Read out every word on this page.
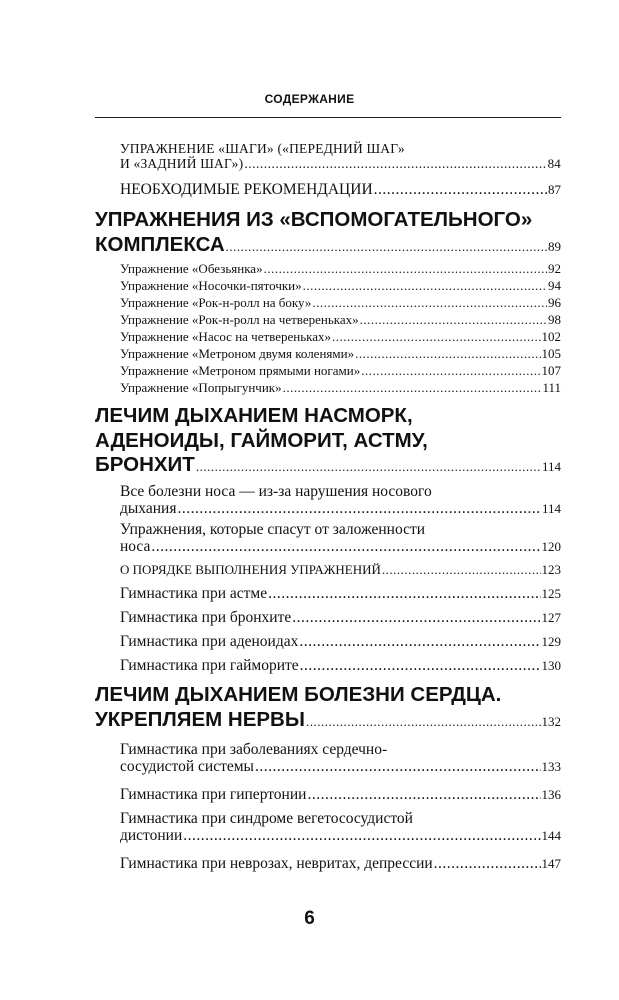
СОДЕРЖАНИЕ
УПРАЖНЕНИЕ «ШАГИ» («ПЕРЕДНИЙ ШАГ»
И «ЗАДНИЙ ШАГ») .....	84
НЕОБХОДИМЫЕ РЕКОМЕНДАЦИИ .....	87
УПРАЖНЕНИЯ ИЗ «ВСПОМОГАТЕЛЬНОГО»
КОМПЛЕКСА .....	89
Упражнение «Обезьянка» .....	92
Упражнение «Носочки-пяточки» .....	94
Упражнение «Рок-н-ролл на боку» .....	96
Упражнение «Рок-н-ролл на четвереньках» .....	98
Упражнение «Насос на четвереньках» .....	102
Упражнение «Метроном двумя коленями» .....	105
Упражнение «Метроном прямыми ногами» .....	107
Упражнение «Попрыгунчик» .....	111
ЛЕЧИМ ДЫХАНИЕМ НАСМОРК,
АДЕНОИДЫ, ГАЙМОРИТ, АСТМУ,
БРОНХИТ .....	114
Все болезни носа — из-за нарушения носового
дыхания .....	114
Упражнения, которые спасут от заложенности
носа .....	120
О ПОРЯДКЕ ВЫПОЛНЕНИЯ УПРАЖНЕНИЙ .....	123
Гимнастика при астме .....	125
Гимнастика при бронхите .....	127
Гимнастика при аденоидах .....	129
Гимнастика при гайморите .....	130
ЛЕЧИМ ДЫХАНИЕМ БОЛЕЗНИ СЕРДЦА.
УКРЕПЛЯЕМ НЕРВЫ .....	132
Гимнастика при заболеваниях сердечно-
сосудистой системы .....	133
Гимнастика при гипертонии .....	136
Гимнастика при синдроме вегетососудистой
дистонии .....	144
Гимнастика при неврозах, невритах, депрессии .....	147
6
